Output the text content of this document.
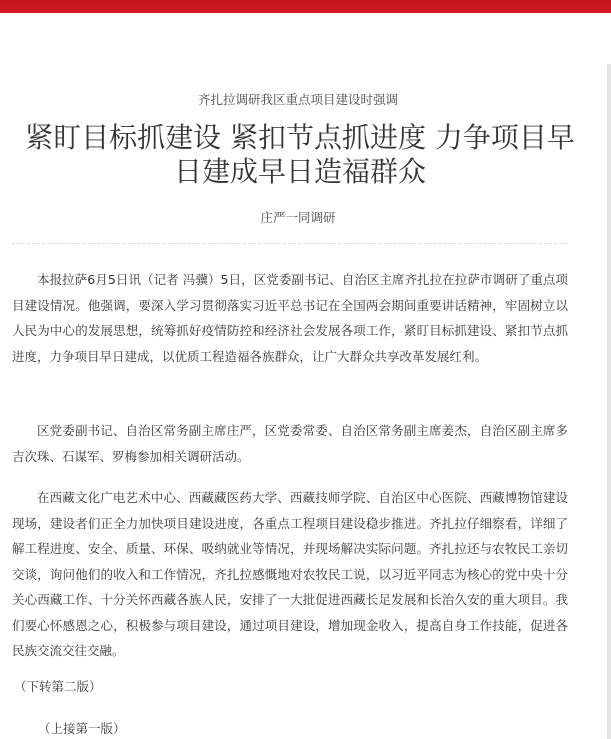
齐扎拉调研我区重点项目建设时强调

紧盯目标抓建设 紧扣节点抓进度 力争项目早日建成早日造福群众

庄严一同调研

本报拉萨6月5日讯（记者 冯骥）5日，区党委副书记、自治区主席齐扎拉在拉萨市调研了重点项目建设情况。他强调，要深入学习贯彻落实习近平总书记在全国两会期间重要讲话精神，牢固树立以人民为中心的发展思想，统筹抓好疫情防控和经济社会发展各项工作，紧盯目标抓建设、紧扣节点抓进度，力争项目早日建成，以优质工程造福各族群众，让广大群众共享改革发展红利。

区党委副书记、自治区常务副主席庄严，区党委常委、自治区常务副主席姜杰，自治区副主席多吉次珠、石谋军、罗梅参加相关调研活动。

在西藏文化广电艺术中心、西藏藏医药大学、西藏技师学院、自治区中心医院、西藏博物馆建设现场，建设者们正全力加快项目建设进度，各重点工程项目建设稳步推进。齐扎拉仔细察看，详细了解工程进度、安全、质量、环保、吸纳就业等情况，并现场解决实际问题。齐扎拉还与农牧民工亲切交谈，询问他们的收入和工作情况，齐扎拉感慨地对农牧民工说，以习近平同志为核心的党中央十分关心西藏工作、十分关怀西藏各族人民，安排了一大批促进西藏长足发展和长治久安的重大项目。我们要心怀感恩之心，积极参与项目建设，通过项目建设，增加现金收入，提高自身工作技能，促进各民族交流交往交融。

（下转第二版）

（上接第一版）
